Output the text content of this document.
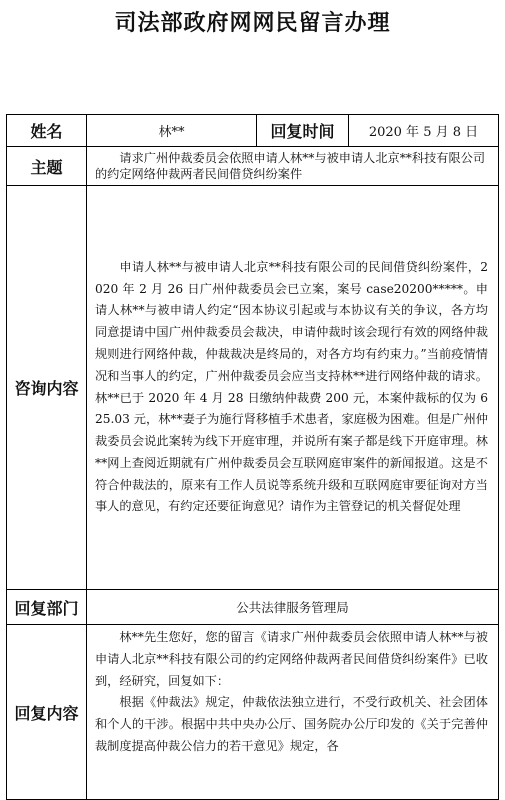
司法部政府网网民留言办理
姓名	林**	回复时间	2020 年 5 月 8 日
主题	请求广州仲裁委员会依照申请人林**与被申请人北京**科技有限公司的约定网络仲裁两者民间借贷纠纷案件		
咨询内容	申请人林**与被申请人北京**科技有限公司的民间借贷纠纷案件，2020 年 2 月 26 日广州仲裁委员会已立案，案号 case20200*****。申请人林**与被申请人约定“因本协议引起或与本协议有关的争议，各方均同意提请中国广州仲裁委员会裁决，申请仲裁时该会现行有效的网络仲裁规则进行网络仲裁，仲裁裁决是终局的，对各方均有约束力。”当前疫情情况和当事人的约定，广州仲裁委员会应当支持林**进行网络仲裁的请求。林**已于 2020 年 4 月 28 日缴纳仲裁费 200 元，本案仲裁标的仅为 625.03 元，林**妻子为施行肾移植手术患者，家庭极为困难。但是广州仲裁委员会说此案转为线下开庭审理，并说所有案子都是线下开庭审理。林**网上查阅近期就有广州仲裁委员会互联网庭审案件的新闻报道。这是不符合仲裁法的，原来有工作人员说等系统升级和互联网庭审要征询对方当事人的意见，有约定还要征询意见？请作为主管登记的机关督促处理		
回复部门	公共法律服务管理局		
回复内容	林**先生您好，您的留言《请求广州仲裁委员会依照申请人林**与被申请人北京**科技有限公司的约定网络仲裁两者民间借贷纠纷案件》已收到，经研究，回复如下：

根据《仲裁法》规定，仲裁依法独立进行，不受行政机关、社会团体和个人的干涉。根据中共中央办公厅、国务院办公厅印发的《关于完善仲裁制度提高仲裁公信力的若干意见》规定，各		
